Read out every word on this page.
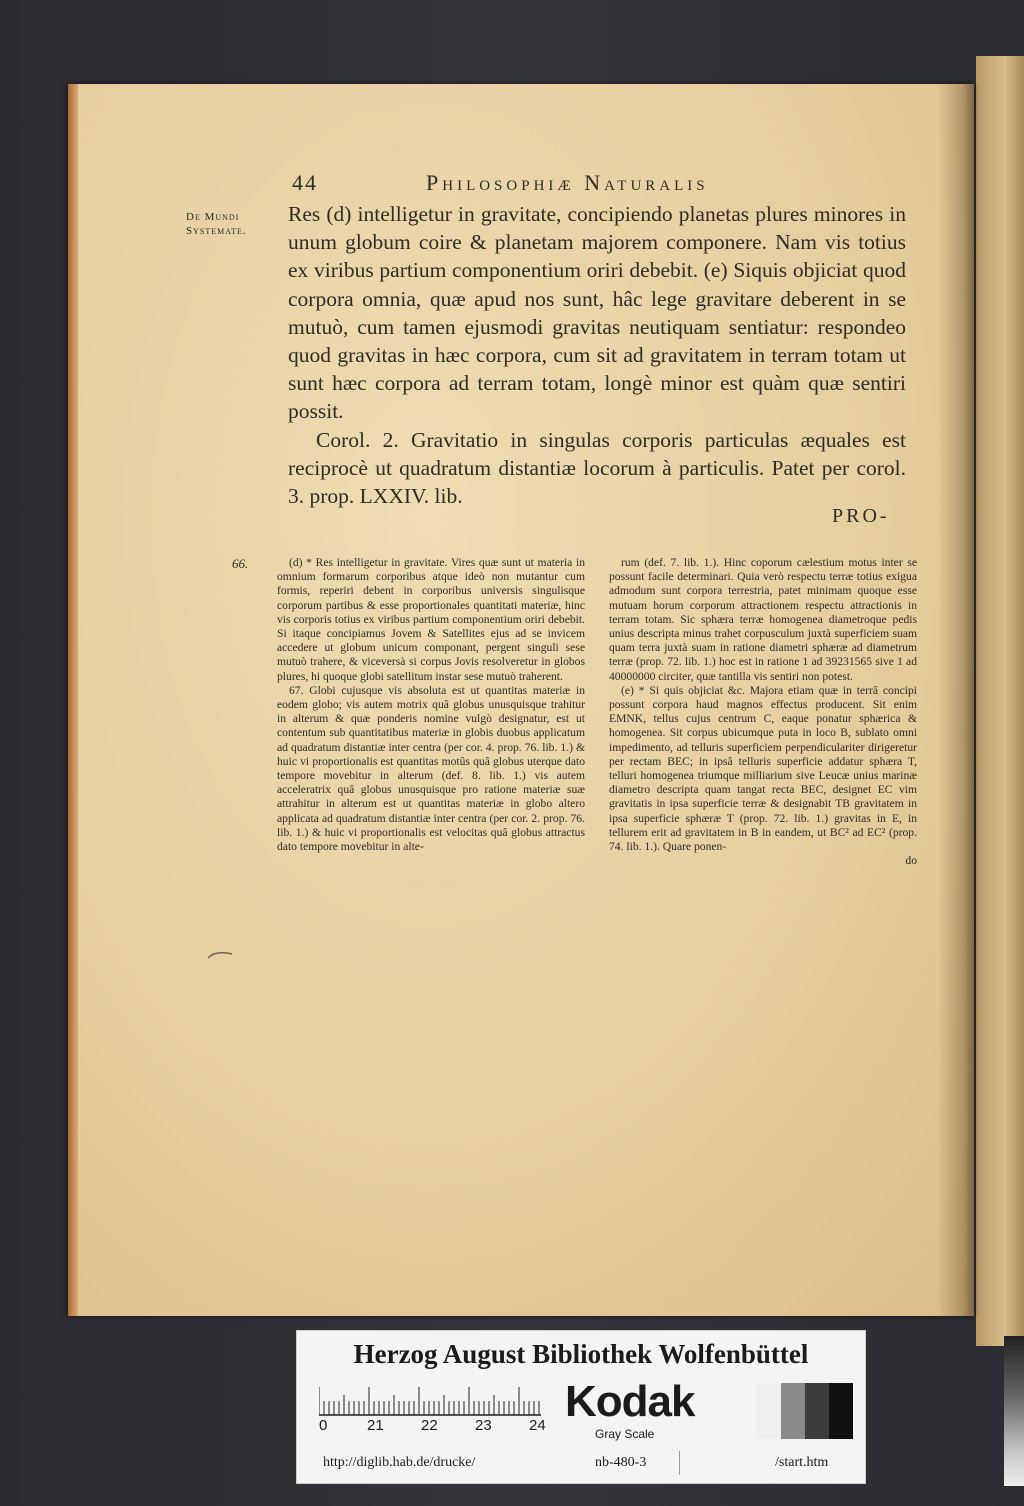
44	Philosophiæ Naturalis
De Mundi Systemate.

Res (d) intelligetur in gravitate, concipiendo planetas plures minores in unum globum coire & planetam majorem componere. Nam vis totius ex viribus partium componentium oriri debebit. (e) Siquis objiciat quod corpora omnia, quæ apud nos sunt, hâc lege gravitare deberent in se mutuò, cum tamen ejusmodi gravitas neutiquam sentiatur: respondeo quod gravitas in hæc corpora, cum sit ad gravitatem in terram totam ut sunt hæc corpora ad terram totam, longè minor est quàm quæ sentiri possit.

Corol. 2. Gravitatio in singulas corporis particulas æquales est reciprocè ut quadratum distantiæ locorum à particulis. Patet per corol. 3. prop. LXXIV. lib.

PRO-
66.	(d) * Res intelligetur in gravitate. Vires quæ sunt ut materia in omnium formarum corporibus atque ideò non mutantur cum formis, reperiri debent in corporibus universis singulisque corporum partibus & esse proportionales quantitati materiæ, hinc vis corporis totius ex viribus partium componentium oriri debebit. Si itaque concipiamus Jovem & Satellites ejus ad se invicem accedere ut globum unicum componant, pergent singuli sese mutuò trahere, & viceversà si corpus Jovis resolveretur in globos plures, hi quoque globi satellitum instar sese mutuò traherent.

67. Globi cujusque vis absoluta est ut quantitas materiæ in eodem globo; vis autem motrix quâ globus unusquisque trahitur in alterum & quæ ponderis nomine vulgò designatur, est ut contentum sub quantitatibus materiæ in globis duobus applicatum ad quadratum distantiæ inter centra (per cor. 4. prop. 76. lib. 1.) & huic vi proportionalis est quantitas motûs quâ globus uterque dato tempore movebitur in alterum (def. 8. lib. 1.) vis autem acceleratrix quâ globus unusquisque pro ratione materiæ suæ attrahitur in alterum est ut quantitas materiæ in globo altero applicata ad quadratum distantiæ inter centra (per cor. 2. prop. 76. lib. 1.) & huic vi proportionalis est velocitas quâ globus attractus dato tempore movebitur in alte-

rum (def. 7. lib. 1.). Hinc coporum cælestium motus inter se possunt facile determinari. Quia verò respectu terræ totius exigua admodum sunt corpora terrestria, patet minimam quoque esse mutuam horum corporum attractionem respectu attractionis in terram totam. Sic sphæra terræ homogenea diametroque pedis unius descripta minus trahet corpusculum juxtà superficiem suam quam terra juxtà suam in ratione diametri sphæræ ad diametrum terræ (prop. 72. lib. 1.) hoc est in ratione 1 ad 39231565 sive 1 ad 40000000 circiter, quæ tantilla vis sentiri non potest.

(e) * Si quis objiciat &c. Majora etiam quæ in terrâ concipi possunt corpora haud magnos effectus producent. Sit enim EMNK, tellus cujus centrum C, eaque ponatur sphærica & homogenea. Sit corpus ubicumque puta in loco B, sublato omni impedimento, ad telluris superficiem perpendiculariter dirigeretur per rectam BEC; in ipsâ telluris superficie addatur sphæra T, telluri homogenea triumque milliarium sive Leucæ unius marinæ diametro descripta quam tangat recta BEC, designet EC vim gravitatis in ipsa superficie terræ & designabit TB gravitatem in ipsa superficie sphæræ T (prop. 72. lib. 1.) gravitas in E, in tellurem erit ad gravitatem in B in eandem, ut BC² ad EC² (prop. 74. lib. 1.). Quare ponen-

do

Herzog August Bibliothek Wolfenbüttel
0	21 22 23 24 Kodak
Gray Scale
http://diglib.hab.de/drucke/	nb-480-3	/start.htm
